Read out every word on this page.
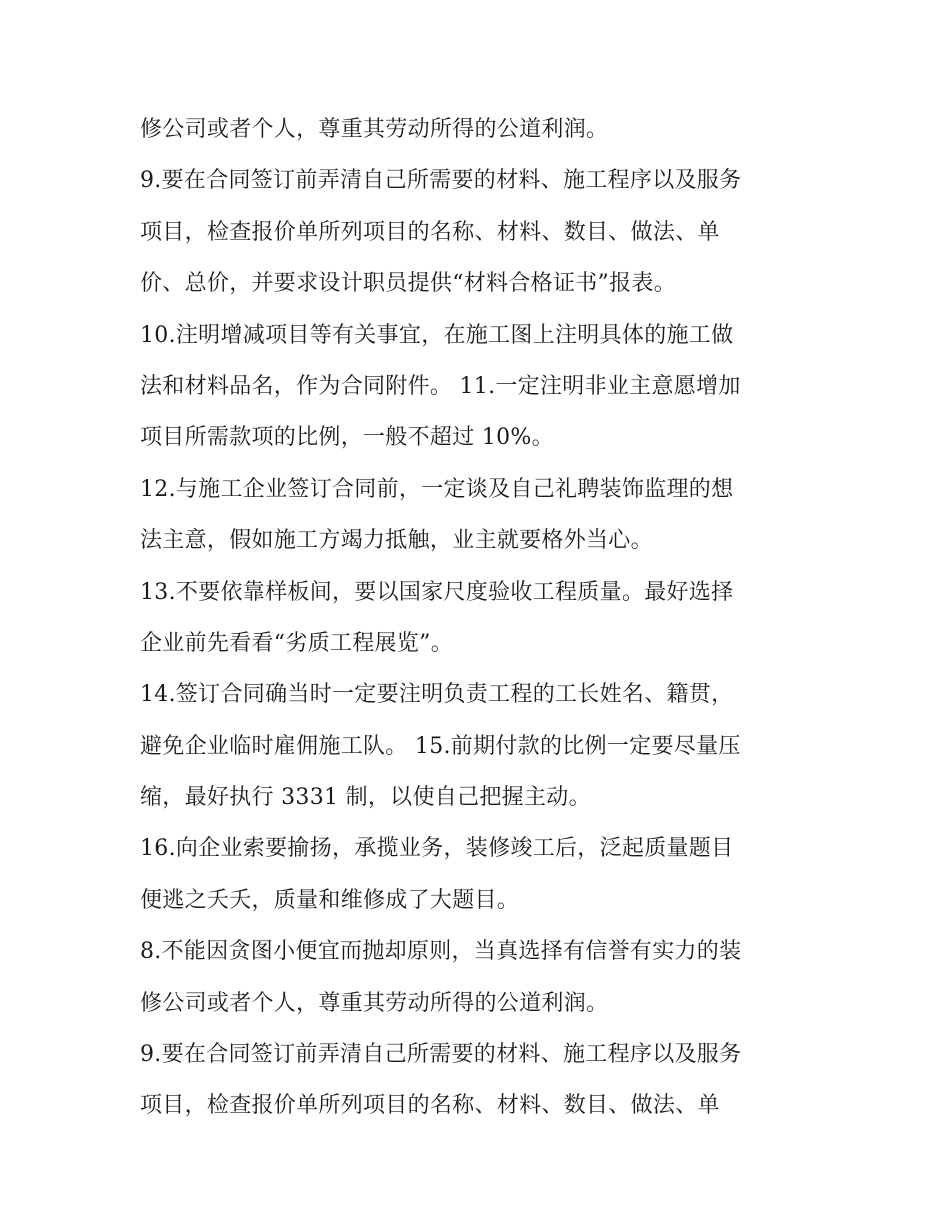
修公司或者个人，尊重其劳动所得的公道利润。
9.要在合同签订前弄清自己所需要的材料、施工程序以及服务
项目，检查报价单所列项目的名称、材料、数目、做法、单
价、总价，并要求设计职员提供“材料合格证书”报表。
10.注明增减项目等有关事宜，在施工图上注明具体的施工做
法和材料品名，作为合同附件。 11.一定注明非业主意愿增加
项目所需款项的比例，一般不超过 10%。
12.与施工企业签订合同前，一定谈及自己礼聘装饰监理的想
法主意，假如施工方竭力抵触，业主就要格外当心。
13.不要依靠样板间，要以国家尺度验收工程质量。最好选择
企业前先看看“劣质工程展览”。
14.签订合同确当时一定要注明负责工程的工长姓名、籍贯，
避免企业临时雇佣施工队。 15.前期付款的比例一定要尽量压
缩，最好执行 3331 制，以使自己把握主动。
16.向企业索要揄扬，承揽业务，装修竣工后，泛起质量题目
便逃之夭夭，质量和维修成了大题目。
8.不能因贪图小便宜而抛却原则，当真选择有信誉有实力的装
修公司或者个人，尊重其劳动所得的公道利润。
9.要在合同签订前弄清自己所需要的材料、施工程序以及服务
项目，检查报价单所列项目的名称、材料、数目、做法、单
